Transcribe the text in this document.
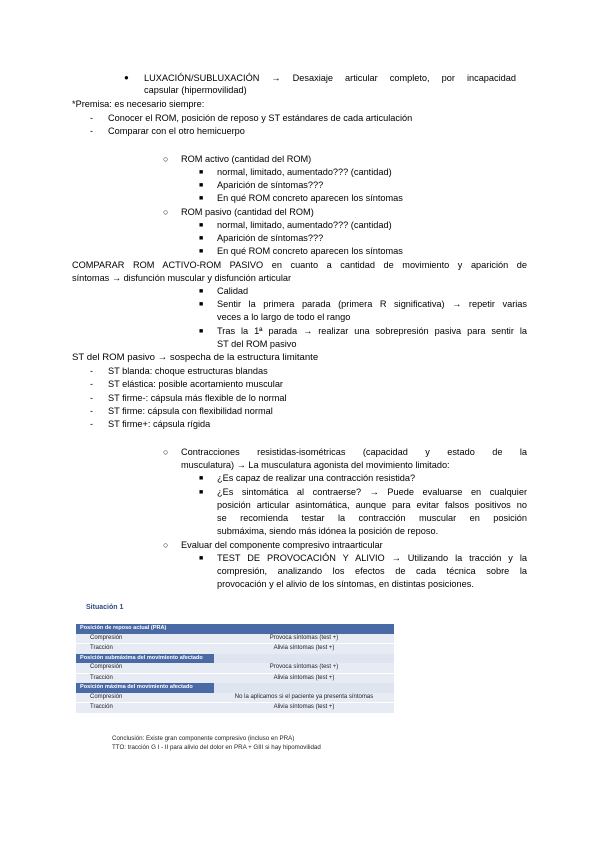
● LUXACIÓN/SUBLUXACIÓN → Desaxiaje articular completo, por incapacidad
capsular (hipermovilidad)
*Premisa: es necesario siempre:
- Conocer el ROM, posición de reposo y ST estándares de cada articulación
- Comparar con el otro hemicuerpo
○ ROM activo (cantidad del ROM)
■ normal, limitado, aumentado??? (cantidad)
■ Aparición de síntomas???
■ En qué ROM concreto aparecen los síntomas
○ ROM pasivo (cantidad del ROM)
■ normal, limitado, aumentado??? (cantidad)
■ Aparición de síntomas???
■ En qué ROM concreto aparecen los síntomas
COMPARAR ROM ACTIVO-ROM PASIVO en cuanto a cantidad de movimiento y aparición de
síntomas → disfunción muscular y disfunción articular
■ Calidad
■ Sentir la primera parada (primera R significativa) → repetir varias
veces a lo largo de todo el rango
■ Tras la 1ª parada → realizar una sobrepresión pasiva para sentir la
ST del ROM pasivo
ST del ROM pasivo → sospecha de la estructura limitante
- ST blanda: choque estructuras blandas
- ST elástica: posible acortamiento muscular
- ST firme-: cápsula más flexible de lo normal
- ST firme: cápsula con flexibilidad normal
- ST firme+: cápsula rígida
○ Contracciones resistidas-isométricas (capacidad y estado de la
musculatura) → La musculatura agonista del movimiento limitado:
■ ¿Es capaz de realizar una contracción resistida?
■ ¿Es sintomática al contraerse? → Puede evaluarse en cualquier
posición articular asintomática, aunque para evitar falsos positivos no
se recomienda testar la contracción muscular en posición
submáxima, siendo más idónea la posición de reposo.
○ Evaluar del componente compresivo intraarticular
■ TEST DE PROVOCACIÓN Y ALIVIO → Utilizando la tracción y la
compresión, analizando los efectos de cada técnica sobre la
provocación y el alivio de los síntomas, en distintas posiciones.
Situación 1
Posición de reposo actual (PRA)	
Compresión	Provoca síntomas (test +)
Tracción	Alivia síntomas (test +)
Posición submáxima del movimiento afectado	
Compresión	Provoca síntomas (test +)
Tracción	Alivia síntomas (test +)
Posición máxima del movimiento afectado	
Compresión	No la aplicamos si el paciente ya presenta síntomas
Tracción	Alivia síntomas (test +)
Conclusión: Existe gran componente compresivo (incluso en PRA)
TTO: tracción G I - II para alivio del dolor en PRA + GIII si hay hipomovilidad
